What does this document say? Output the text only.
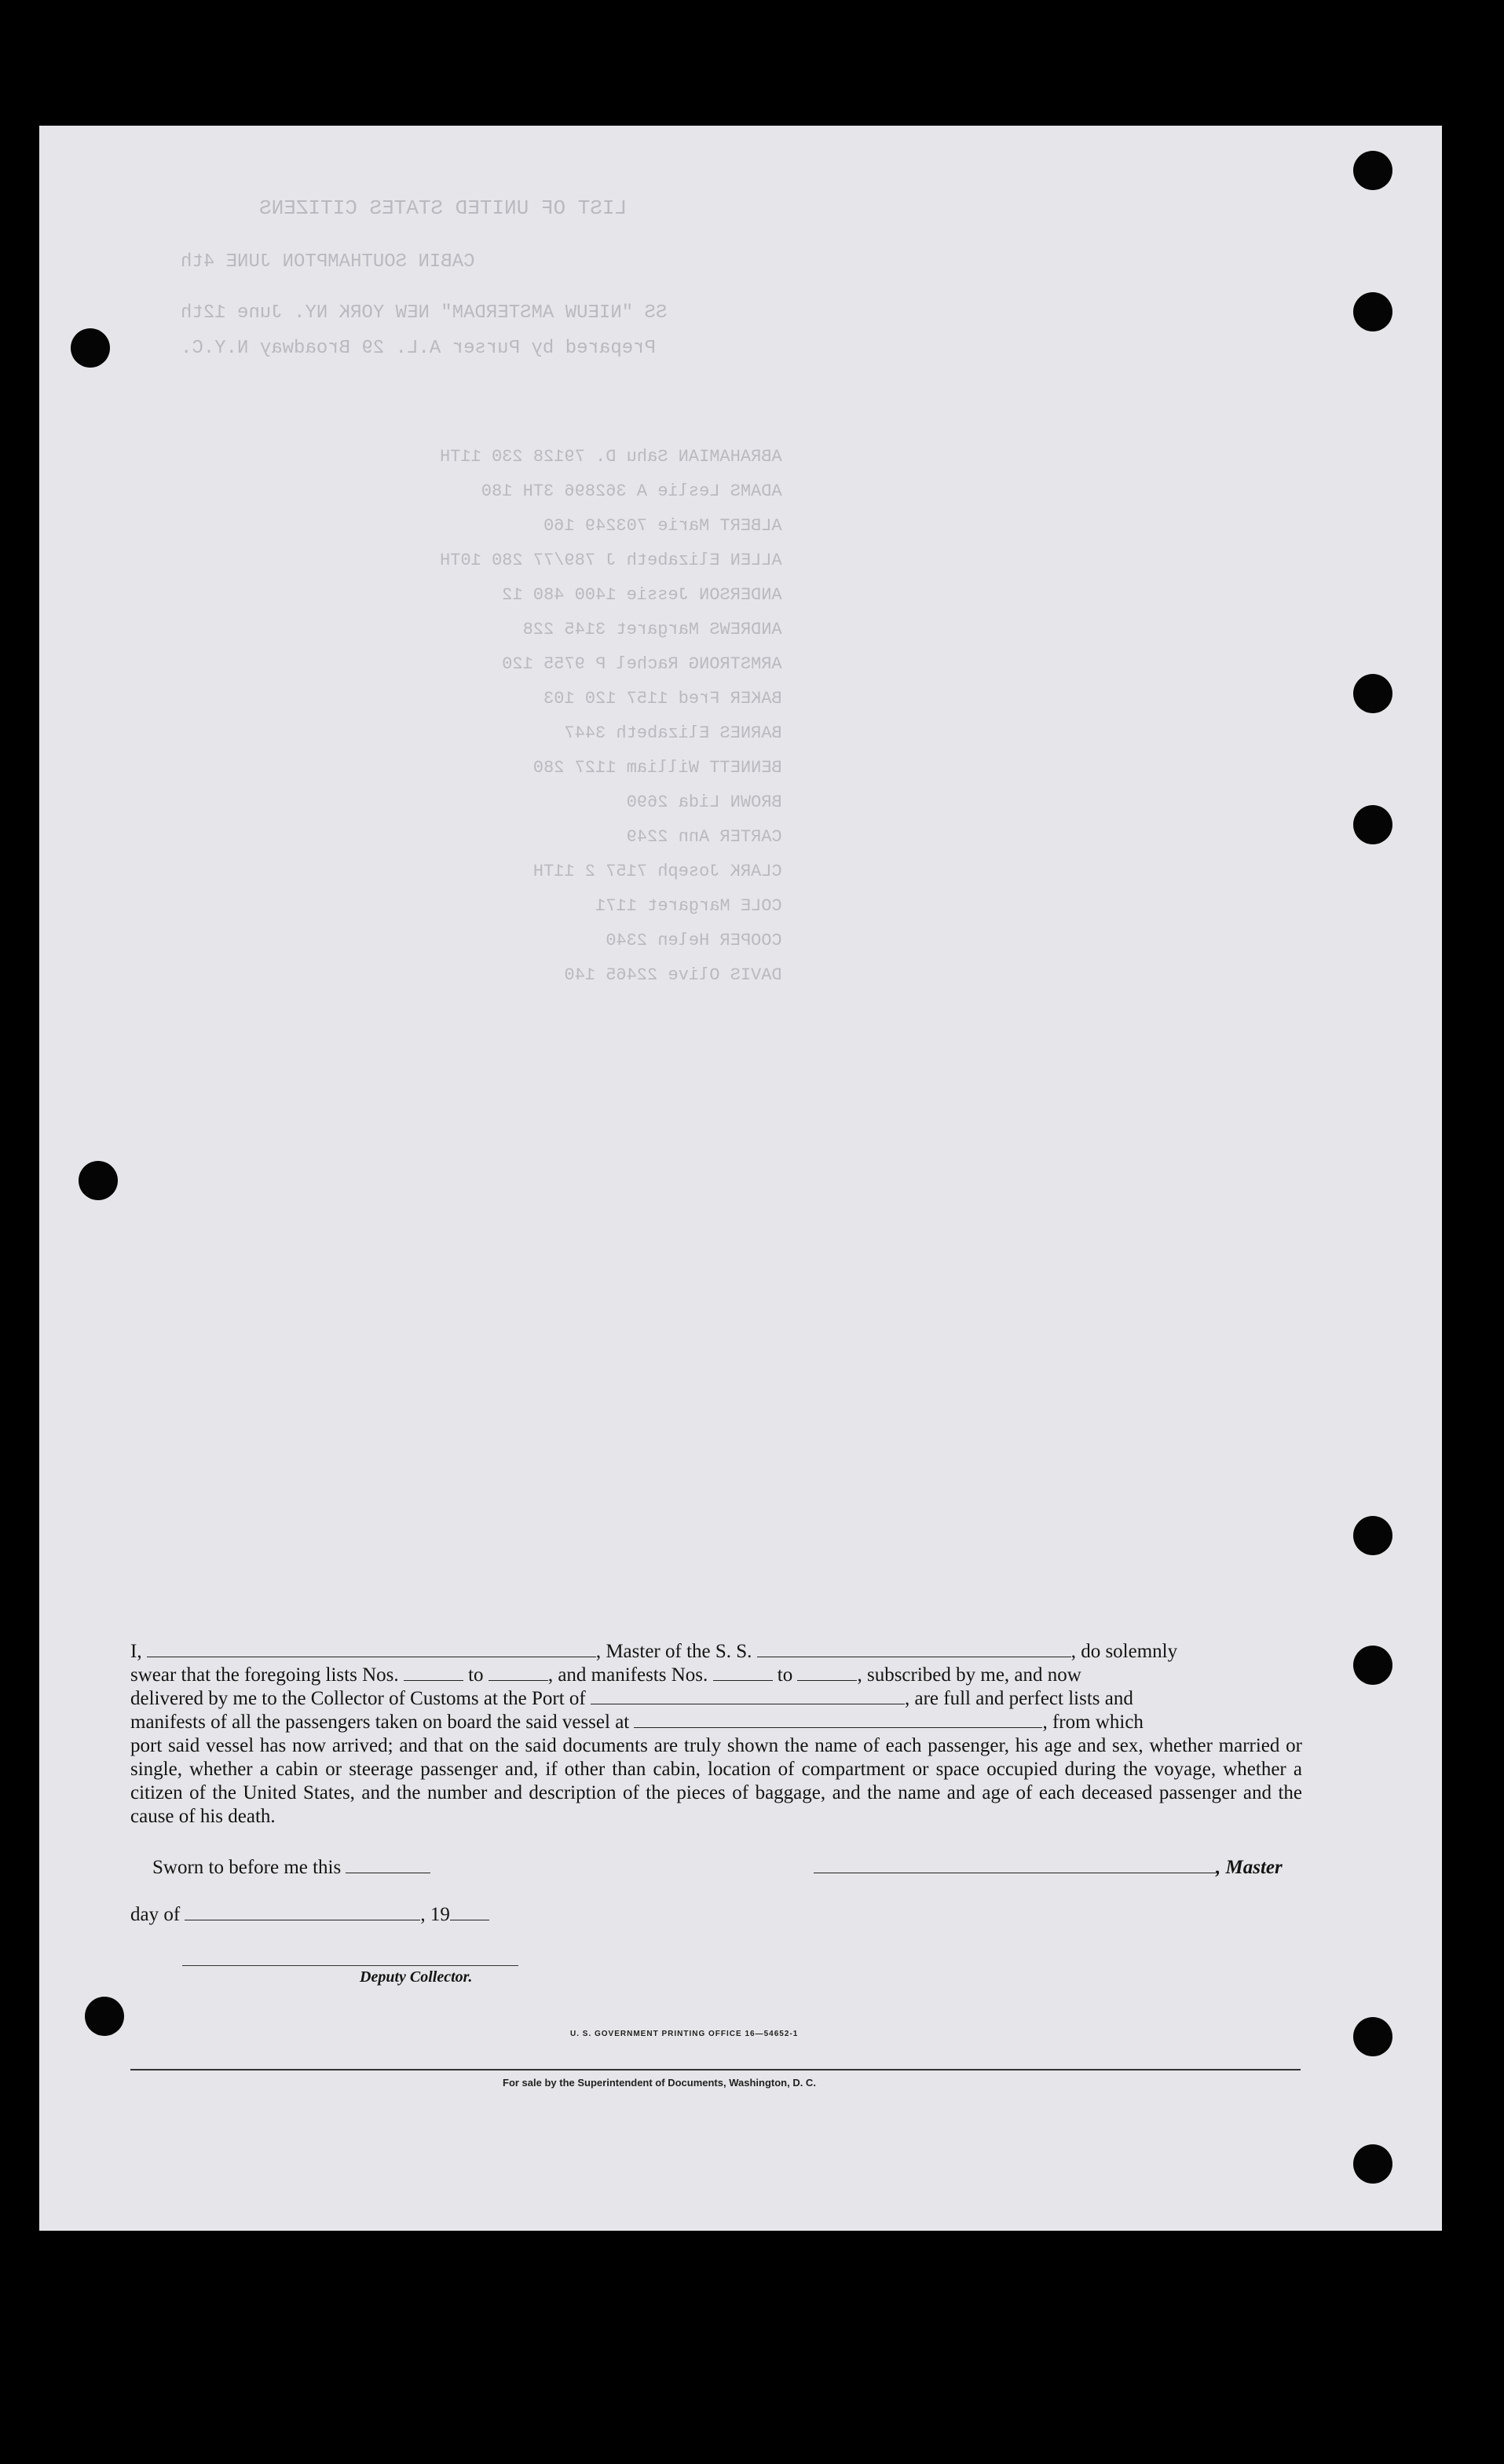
LIST OF UNITED STATES CITIZENS
CABIN SOUTHAMPTON JUNE 4th
SS "NIEUW AMSTERDAM" NEW YORK NY. June 12th
Prepared by Purser A.L. 29 Broadway N.Y.C.
ABRAHAMIAN Sahu D. 79128 230 11TH
ADAMS Leslie A 362896 3TH 180
ALBERT Marie 703249 160
ALLEN Elizabeth J 789/77 280 10TH
ANDERSON Jessie 1400 480 12
ANDREWS Margaret 3145 228
ARMSTRONG Rachel P 9755 120
BAKER Fred 1157 120 103
BARNES Elizabeth 3447
BENNETT William 1127 280
BROWN Lida 2690
CARTER Ann 2249
CLARK Joseph 7157 2 11TH
COLE Margaret 1171
COOPER Helen 2340
DAVIS Olive 22465 140
I,	, Master of the S. S.	, do solemnly
swear that the foregoing lists Nos.	to	, and manifests Nos.	to	, subscribed by me, and now
delivered by me to the Collector of Customs at the Port of	, are full and perfect lists and
manifests of all the passengers taken on board the said vessel at	, from which
port said vessel has now arrived; and that on the said documents are truly shown the name of each passenger, his age and sex, whether married or single, whether a cabin or steerage passenger and, if other than cabin, location of compartment or space occupied during the voyage, whether a citizen of the United States, and the number and description of the pieces of baggage, and the name and age of each deceased passenger and the cause of his death.
Sworn to before me this	, Master
day of	, 19
Deputy Collector.
U. S. GOVERNMENT PRINTING OFFICE 16—54652-1
For sale by the Superintendent of Documents, Washington, D. C.
